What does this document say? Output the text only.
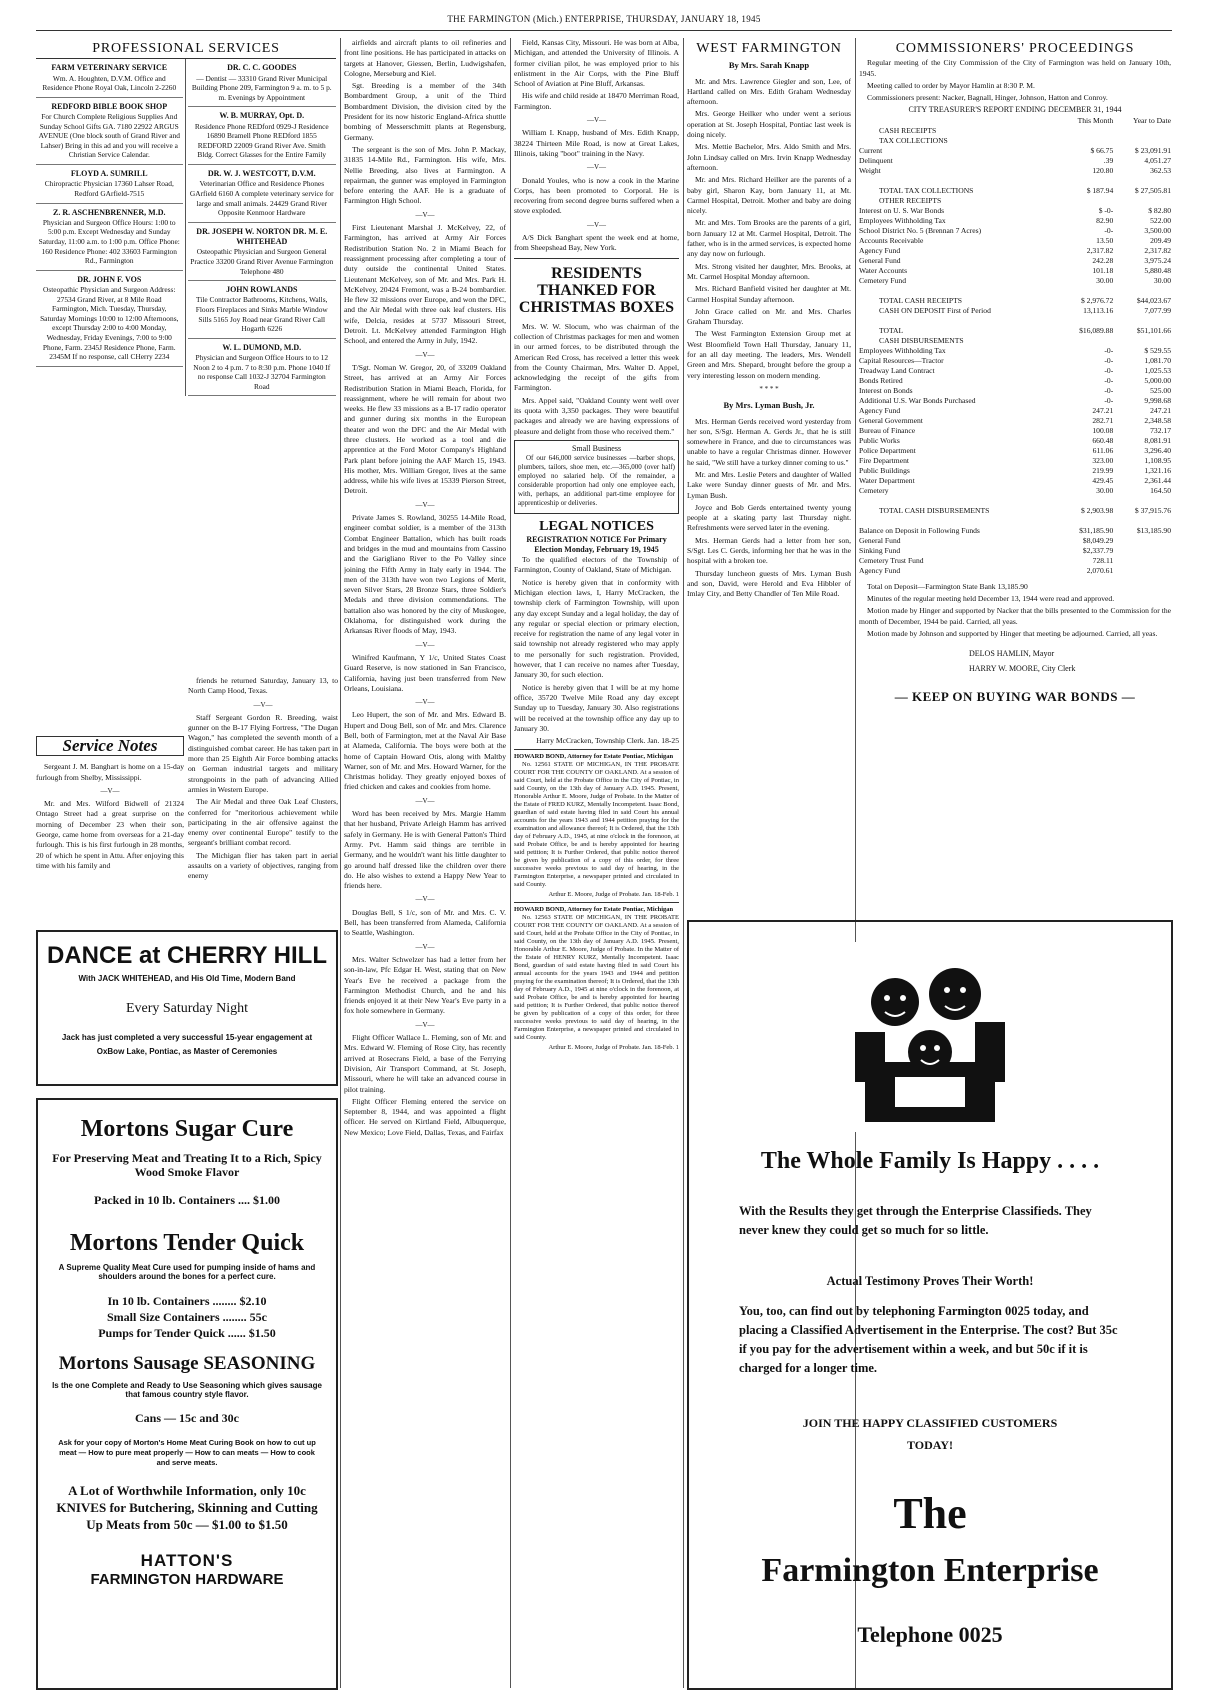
THE FARMINGTON (Mich.) ENTERPRISE, THURSDAY, JANUARY 18, 1945
PROFESSIONAL SERVICES
FARM VETERINARY SERVICE
Wm. A. Houghten, D.V.M. Office and Residence Phone Royal Oak, Lincoln 2-2260
REDFORD BIBLE BOOK SHOP
For Church Complete Religious Supplies And Sunday School Gifts GA. 7180 22922 ARGUS AVENUE (One block south of Grand River and Lahser) Bring in this ad and you will receive a Christian Service Calendar.
FLOYD A. SUMRILL
Chiropractic Physician 17360 Lahser Road, Redford GArfield-7515
Z. R. ASCHENBRENNER, M.D.
Physician and Surgeon Office Hours: 1:00 to 5:00 p.m. Except Wednesday and Sunday Saturday, 11:00 a.m. to 1:00 p.m. Office Phone: 160 Residence Phone: 402 33603 Farmington Rd., Farmington
DR. JOHN F. VOS
Osteopathic Physician and Surgeon Address: 27534 Grand River, at 8 Mile Road Farmington, Mich. Tuesday, Thursday, Saturday Mornings 10:00 to 12:00 Afternoons, except Thursday 2:00 to 4:00 Monday, Wednesday, Friday Evenings, 7:00 to 9:00 Phone, Farm. 2345J Residence Phone, Farm. 2345M If no response, call CHerry 2234
DR. C. C. GOODES
— Dentist — 33310 Grand River Municipal Building Phone 209, Farmington 9 a. m. to 5 p. m. Evenings by Appointment
W. B. MURRAY, Opt. D.
Residence Phone REDford 0929-J Residence 16890 Bramell Phone REDford 1855 REDFORD 22009 Grand River Ave. Smith Bldg. Correct Glasses for the Entire Family
DR. W. J. WESTCOTT, D.V.M.
Veterinarian Office and Residence Phones GArfield 6160 A complete veterinary service for large and small animals. 24429 Grand River Opposite Kenmoor Hardware
DR. JOSEPH W. NORTON DR. M. E. WHITEHEAD
Osteopathic Physician and Surgeon General Practice 33200 Grand River Avenue Farmington Telephone 480
JOHN ROWLANDS
Tile Contractor Bathrooms, Kitchens, Walls, Floors Fireplaces and Sinks Marble Window Sills 5165 Joy Road near Grand River Call Hogarth 6226
W. L. DUMOND, M.D.
Physician and Surgeon Office Hours to to 12 Noon 2 to 4 p.m. 7 to 8:30 p.m. Phone 1040 If no response Call 1032-J 32704 Farmington Road
Service Notes

Sergeant J. M. Banghart is home on a 15-day furlough from Shelby, Mississippi.

—V—

Mr. and Mrs. Wilford Bidwell of 21324 Ontago Street had a great surprise on the morning of December 23 when their son, George, came home from overseas for a 21-day furlough. This is his first furlough in 28 months, 20 of which he spent in Attu. After enjoying this time with his family and

friends he returned Saturday, January 13, to North Camp Hood, Texas.

—V—

Staff Sergeant Gordon R. Breeding, waist gunner on the B-17 Flying Fortress, "The Dugan Wagon," has completed the seventh month of a distinguished combat career. He has taken part in more than 25 Eighth Air Force bombing attacks on German industrial targets and military strongpoints in the path of advancing Allied armies in Western Europe.

The Air Medal and three Oak Leaf Clusters, conferred for "meritorious achievement while participating in the air offensive against the enemy over continental Europe" testify to the sergeant's brilliant combat record.

The Michigan flier has taken part in aerial assaults on a variety of objectives, ranging from enemy

DANCE at CHERRY HILL
With JACK WHITEHEAD, and His Old Time, Modern Band
Every Saturday Night
Jack has just completed a very successful 15-year engagement at OxBow Lake, Pontiac, as Master of Ceremonies
Mortons Sugar Cure
For Preserving Meat and Treating It to a Rich, Spicy Wood Smoke Flavor
Packed in 10 lb. Containers .... $1.00
Mortons Tender Quick
A Supreme Quality Meat Cure used for pumping inside of hams and shoulders around the bones for a perfect cure.
In 10 lb. Containers ........ $2.10
Small Size Containers ........ 55c
Pumps for Tender Quick ...... $1.50
Mortons Sausage SEASONING
Is the one Complete and Ready to Use Seasoning which gives sausage that famous country style flavor.
Cans — 15c and 30c
Ask for your copy of Morton's Home Meat Curing Book on how to cut up meat — How to pure meat properly — How to can meats — How to cook and serve meats.
A Lot of Worthwhile Information, only 10c
KNIVES for Butchering, Skinning and Cutting Up Meats from 50c — $1.00 to $1.50
HATTON'S
FARMINGTON HARDWARE

airfields and aircraft plants to oil refineries and front line positions. He has participated in attacks on targets at Hanover, Giessen, Berlin, Ludwigshafen, Cologne, Merseburg and Kiel.

Sgt. Breeding is a member of the 34th Bombardment Group, a unit of the Third Bombardment Division, the division cited by the President for its now historic England-Africa shuttle bombing of Messerschmitt plants at Regensburg, Germany.

The sergeant is the son of Mrs. John P. Mackay, 31835 14-Mile Rd., Farmington. His wife, Mrs. Nellie Breeding, also lives at Farmington. A repairman, the gunner was employed in Farmington before entering the AAF. He is a graduate of Farmington High School.

—V—

First Lieutenant Marshal J. McKelvey, 22, of Farmington, has arrived at Army Air Forces Redistribution Station No. 2 in Miami Beach for reassignment processing after completing a tour of duty outside the continental United States. Lieutenant McKelvey, son of Mr. and Mrs. Park H. McKelvey, 20424 Fremont, was a B-24 bombardier. He flew 32 missions over Europe, and won the DFC, and the Air Medal with three oak leaf clusters. His wife, Delcia, resides at 5737 Missouri Street, Detroit. Lt. McKelvey attended Farmington High School, and entered the Army in July, 1942.

—V—

T/Sgt. Noman W. Gregor, 20, of 33209 Oakland Street, has arrived at an Army Air Forces Redistribution Station in Miami Beach, Florida, for reassignment, where he will remain for about two weeks. He flew 33 missions as a B-17 radio operator and gunner during six months in the European theater and won the DFC and the Air Medal with three clusters. He worked as a tool and die apprentice at the Ford Motor Company's Highland Park plant before joining the AAF March 15, 1943. His mother, Mrs. William Gregor, lives at the same address, while his wife lives at 15339 Pierson Street, Detroit.

—V—

Private James S. Rowland, 30255 14-Mile Road, engineer combat soldier, is a member of the 313th Combat Engineer Battalion, which has built roads and bridges in the mud and mountains from Cassino and the Garigliano River to the Po Valley since joining the Fifth Army in Italy early in 1944. The men of the 313th have won two Legions of Merit, seven Silver Stars, 28 Bronze Stars, three Soldier's Medals and three division commendations. The battalion also was honored by the city of Muskogee, Oklahoma, for distinguished work during the Arkansas River floods of May, 1943.

—V—

Winifred Kaufmann, Y 1/c, United States Coast Guard Reserve, is now stationed in San Francisco, California, having just been transferred from New Orleans, Louisiana.

—V—

Leo Hupert, the son of Mr. and Mrs. Edward B. Hupert and Doug Bell, son of Mr. and Mrs. Clarence Bell, both of Farmington, met at the Naval Air Base at Alameda, California. The boys were both at the home of Captain Howard Otis, along with Maltby Warner, son of Mr. and Mrs. Howard Warner, for the Christmas holiday. They greatly enjoyed boxes of fried chicken and cakes and cookies from home.

—V—

Word has been received by Mrs. Margie Hamm that her husband, Private Arleigh Hamm has arrived safely in Germany. He is with General Patton's Third Army. Pvt. Hamm said things are terrible in Germany, and he wouldn't want his little daughter to go around half dressed like the children over there do. He also wishes to extend a Happy New Year to friends here.

—V—

Douglas Bell, S 1/c, son of Mr. and Mrs. C. V. Bell, has been transferred from Alameda, California to Seattle, Washington.

—V—

Mrs. Walter Schwelzer has had a letter from her son-in-law, Pfc Edgar H. West, stating that on New Year's Eve he received a package from the Farmington Methodist Church, and he and his friends enjoyed it at their New Year's Eve party in a fox hole somewhere in Germany.

—V—

Flight Officer Wallace L. Fleming, son of Mr. and Mrs. Edward W. Fleming of Rose City, has recently arrived at Rosecrans Field, a base of the Ferrying Division, Air Transport Command, at St. Joseph, Missouri, where he will take an advanced course in pilot training.

Flight Officer Fleming entered the service on September 8, 1944, and was appointed a flight officer. He served on Kirtland Field, Albuquerque, New Mexico; Love Field, Dallas, Texas, and Fairfax

Field, Kansas City, Missouri. He was born at Alba, Michigan, and attended the University of Illinois. A former civilian pilot, he was employed prior to his enlistment in the Air Corps, with the Pine Bluff School of Aviation at Pine Bluff, Arkansas.

His wife and child reside at 18470 Merriman Road, Farmington.

—V—

William I. Knapp, husband of Mrs. Edith Knapp, 38224 Thirteen Mile Road, is now at Great Lakes, Illinois, taking "boot" training in the Navy.

—V—

Donald Youles, who is now a cook in the Marine Corps, has been promoted to Corporal. He is recovering from second degree burns suffered when a stove exploded.

—V—

A/S Dick Banghart spent the week end at home, from Sheepshead Bay, New York.

RESIDENTS THANKED FOR CHRISTMAS BOXES

Mrs. W. W. Slocum, who was chairman of the collection of Christmas packages for men and women in our armed forces, to be distributed through the American Red Cross, has received a letter this week from the County Chairman, Mrs. Walter D. Appel, acknowledging the receipt of the gifts from Farmington.

Mrs. Appel said, "Oakland County went well over its quota with 3,350 packages. They were beautiful packages and already we are having expressions of pleasure and delight from those who received them."

Small Business

Of our 646,000 service businesses —barber shops, plumbers, tailors, shoe men, etc.—365,000 (over half) employed no salaried help. Of the remainder, a considerable proportion had only one employee each, with, perhaps, an additional part-time employee for apprenticeship or deliveries.

LEGAL NOTICES
REGISTRATION NOTICE For Primary Election Monday, February 19, 1945

To the qualified electors of the Township of Farmington, County of Oakland, State of Michigan.

Notice is hereby given that in conformity with Michigan election laws, I, Harry McCracken, the township clerk of Farmington Township, will upon any day except Sunday and a legal holiday, the day of any regular or special election or primary election, receive for registration the name of any legal voter in said township not already registered who may apply to me personally for such registration. Provided, however, that I can receive no names after Tuesday, January 30, for such election.

Notice is hereby given that I will be at my home office, 35720 Twelve Mile Road any day except Sunday up to Tuesday, January 30. Also registrations will be received at the township office any day up to January 30.

Harry McCracken, Township Clerk. Jan. 18-25
HOWARD BOND, Attorney for Estate Pontiac, Michigan

No. 12561 STATE OF MICHIGAN, IN THE PROBATE COURT FOR THE COUNTY OF OAKLAND. At a session of said Court, held at the Probate Office in the City of Pontiac, in said County, on the 13th day of January A.D. 1945. Present, Honorable Arthur E. Moore, Judge of Probate. In the Matter of the Estate of FRED KURZ, Mentally Incompetent. Isaac Bond, guardian of said estate having filed in said Court his annual accounts for the years 1943 and 1944 petition praying for the examination and allowance thereof; It is Ordered, that the 13th day of February A.D., 1945, at nine o'clock in the forenoon, at said Probate Office, be and is hereby appointed for hearing said petition; It is Further Ordered, that public notice thereof be given by publication of a copy of this order, for three successive weeks previous to said day of hearing, in the Farmington Enterprise, a newspaper printed and circulated in said County.

Arthur E. Moore, Judge of Probate. Jan. 18-Feb. 1
HOWARD BOND, Attorney for Estate Pontiac, Michigan

No. 12563 STATE OF MICHIGAN, IN THE PROBATE COURT FOR THE COUNTY OF OAKLAND. At a session of said Court, held at the Probate Office in the City of Pontiac, in said County, on the 13th day of January A.D. 1945. Present, Honorable Arthur E. Moore, Judge of Probate. In the Matter of the Estate of HENRY KURZ, Mentally Incompetent. Isaac Bond, guardian of said estate having filed in said Court his annual accounts for the years 1943 and 1944 and petition praying for the examination thereof; It is Ordered, that the 13th day of February A.D., 1945 at nine o'clock in the forenoon, at said Probate Office, be and is hereby appointed for hearing said petition; It is Further Ordered, that public notice thereof be given by publication of a copy of this order, for three successive weeks previous to said day of hearing, in the Farmington Enterprise, a newspaper printed and circulated in said County.

Arthur E. Moore, Judge of Probate. Jan. 18-Feb. 1
WEST FARMINGTON
By Mrs. Sarah Knapp

Mr. and Mrs. Lawrence Giegler and son, Lee, of Hartland called on Mrs. Edith Graham Wednesday afternoon.

Mrs. George Heilker who under went a serious operation at St. Joseph Hospital, Pontiac last week is doing nicely.

Mrs. Mettie Bachelor, Mrs. Aldo Smith and Mrs. John Lindsay called on Mrs. Irvin Knapp Wednesday afternoon.

Mr. and Mrs. Richard Heilker are the parents of a baby girl, Sharon Kay, born January 11, at Mt. Carmel Hospital, Detroit. Mother and baby are doing nicely.

Mr. and Mrs. Tom Brooks are the parents of a girl, born January 12 at Mt. Carmel Hospital, Detroit. The father, who is in the armed services, is expected home any day now on furlough.

Mrs. Strong visited her daughter, Mrs. Brooks, at Mt. Carmel Hospital Monday afternoon.

Mrs. Richard Banfield visited her daughter at Mt. Carmel Hospital Sunday afternoon.

John Grace called on Mr. and Mrs. Charles Graham Thursday.

The West Farmington Extension Group met at West Bloomfield Town Hall Thursday, January 11, for an all day meeting. The leaders, Mrs. Wendell Green and Mrs. Shepard, brought before the group a very interesting lesson on modern mending.

* * * *
By Mrs. Lyman Bush, Jr.

Mrs. Herman Gerds received word yesterday from her son, S/Sgt. Herman A. Gerds Jr., that he is still somewhere in France, and due to circumstances was unable to have a regular Christmas dinner. However he said, "We still have a turkey dinner coming to us."

Mr. and Mrs. Leslie Peters and daughter of Walled Lake were Sunday dinner guests of Mr. and Mrs. Lyman Bush.

Joyce and Bob Gerds entertained twenty young people at a skating party last Thursday night. Refreshments were served later in the evening.

Mrs. Herman Gerds had a letter from her son, S/Sgt. Les C. Gerds, informing her that he was in the hospital with a broken toe.

Thursday luncheon guests of Mrs. Lyman Bush and son, David, were Herold and Eva Hibbler of Imlay City, and Betty Chandler of Ten Mile Road.

COMMISSIONERS' PROCEEDINGS

Regular meeting of the City Commission of the City of Farmington was held on January 10th, 1945.

Meeting called to order by Mayor Hamlin at 8:30 P. M.

Commissioners present: Nacker, Bagnall, Hinger, Johnson, Hatton and Conroy.

CITY TREASURER'S REPORT ENDING DECEMBER 31, 1944
	This Month	Year to Date
CASH RECEIPTS		
TAX COLLECTIONS		
Current	$ 66.75	$ 23,091.91
Delinquent	.39	4,051.27
Weight	120.80	362.53

TOTAL TAX COLLECTIONS	$ 187.94	$ 27,505.81
OTHER RECEIPTS		
Interest on U. S. War Bonds	$ -0-	$ 82.80
Employees Withholding Tax	82.90	522.00
School District No. 5 (Brennan 7 Acres)	-0-	3,500.00
Accounts Receivable	13.50	209.49
Agency Fund	2,317.82	2,317.82
General Fund	242.28	3,975.24
Water Accounts	101.18	5,880.48
Cemetery Fund	30.00	30.00

TOTAL CASH RECEIPTS	$ 2,976.72	$44,023.67
CASH ON DEPOSIT First of Period	13,113.16	7,077.99

TOTAL	$16,089.88	$51,101.66
CASH DISBURSEMENTS		
Employees Withholding Tax	-0-	$ 529.55
Capital Resources—Tractor	-0-	1,081.70
Treadway Land Contract	-0-	1,025.53
Bonds Retired	-0-	5,000.00
Interest on Bonds	-0-	525.00
Additional U.S. War Bonds Purchased	-0-	9,998.68
Agency Fund	247.21	247.21
General Government	282.71	2,348.58
Bureau of Finance	100.08	732.17
Public Works	660.48	8,081.91
Police Department	611.06	3,296.40
Fire Department	323.00	1,108.95
Public Buildings	219.99	1,321.16
Water Department	429.45	2,361.44
Cemetery	30.00	164.50

TOTAL CASH DISBURSEMENTS	$ 2,903.98	$ 37,915.76

Balance on Deposit in Following Funds	$31,185.90	$13,185.90
General Fund	$8,049.29	
Sinking Fund	$2,337.79	
Cemetery Trust Fund	728.11	
Agency Fund	2,070.61	

Total on Deposit—Farmington State Bank 13,185.90

Minutes of the regular meeting held December 13, 1944 were read and approved.

Motion made by Hinger and supported by Nacker that the bills presented to the Commission for the month of December, 1944 be paid. Carried, all yeas.

Motion made by Johnson and supported by Hinger that meeting be adjourned. Carried, all yeas.

DELOS HAMLIN, Mayor
HARRY W. MOORE, City Clerk
— KEEP ON BUYING WAR BONDS —
The Whole Family Is Happy . . . .
With the Results they get through the Enterprise Classifieds. They never knew they could get so much for so little.
Actual Testimony Proves Their Worth!
You, too, can find out by telephoning Farmington 0025 today, and placing a Classified Advertisement in the Enterprise. The cost? But 35c if you pay for the advertisement within a week, and but 50c if it is charged for a longer time.
JOIN THE HAPPY CLASSIFIED CUSTOMERS TODAY!
The
Farmington Enterprise
Telephone 0025
